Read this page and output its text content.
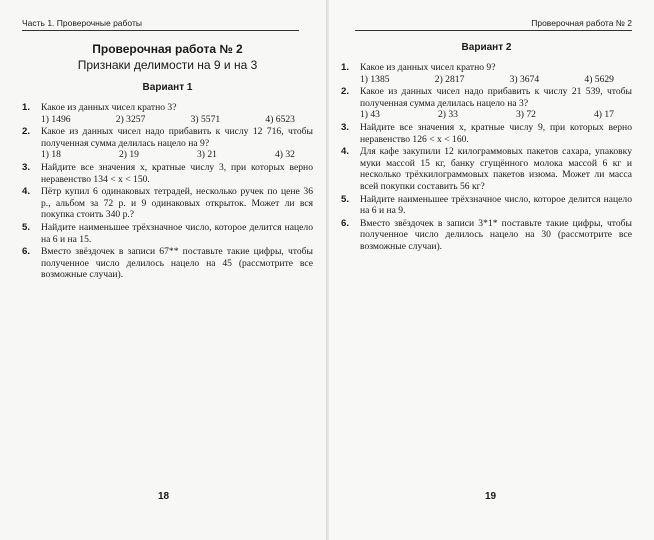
Часть 1. Проверочные работы
Проверочная работа № 2
Признаки делимости на 9 и на 3
Вариант 1
1.	Какое из данных чисел кратно 3?
1) 1496	2) 3257	3) 5571	4) 6523
2.	Какое из данных чисел надо прибавить к числу 12 716, чтобы полученная сумма делилась нацело на 9?
1) 18	2) 19	3) 21	4) 32
3.	Найдите все значения x, кратные числу 3, при которых верно неравенство 134 < x < 150.
4.	Пётр купил 6 одинаковых тетрадей, несколько ручек по цене 36 р., альбом за 72 р. и 9 одинаковых открыток. Может ли вся покупка стоить 340 р.?
5.	Найдите наименьшее трёхзначное число, которое делится нацело на 6 и на 15.
6.	Вместо звёздочек в записи 67** поставьте такие цифры, чтобы полученное число делилось нацело на 45 (рассмотрите все возможные случаи).
18
Проверочная работа № 2
Вариант 2
1.	Какое из данных чисел кратно 9?
1) 1385	2) 2817	3) 3674	4) 5629
2.	Какое из данных чисел надо прибавить к числу 21 539, чтобы полученная сумма делилась нацело на 3?
1) 43	2) 33	3) 72	4) 17
3.	Найдите все значения x, кратные числу 9, при которых верно неравенство 126 < x < 160.
4.	Для кафе закупили 12 килограммовых пакетов сахара, упаковку муки массой 15 кг, банку сгущённого молока массой 6 кг и несколько трёхкилограммовых пакетов изюма. Может ли масса всей покупки составить 56 кг?
5.	Найдите наименьшее трёхзначное число, которое делится нацело на 6 и на 9.
6.	Вместо звёздочек в записи 3*1* поставьте такие цифры, чтобы полученное число делилось нацело на 30 (рассмотрите все возможные случаи).
19
